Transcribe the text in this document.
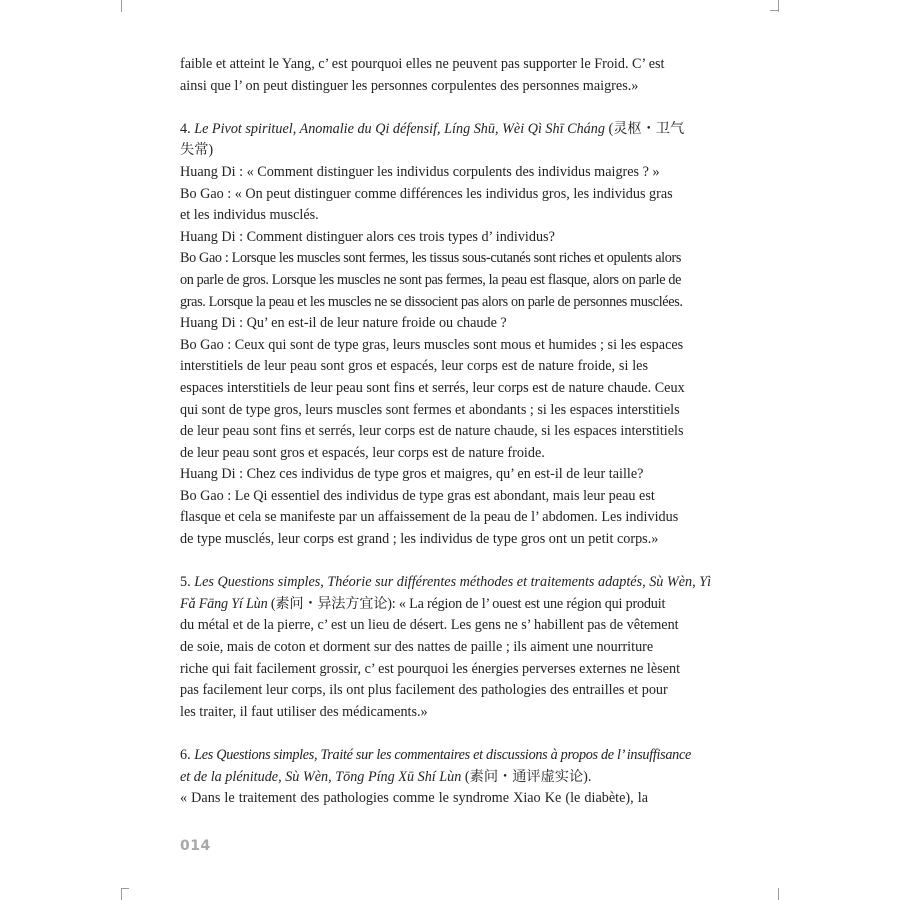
faible et atteint le Yang, c’ est pourquoi elles ne peuvent pas supporter le Froid. C’ est
ainsi que l’ on peut distinguer les personnes corpulentes des personnes maigres.»

4. Le Pivot spirituel, Anomalie du Qi défensif, Líng Shū, Wèi Qì Shī Cháng (灵枢・卫气
失常)
Huang Di : « Comment distinguer les individus corpulents des individus maigres ? »
Bo Gao : « On peut distinguer comme différences les individus gros, les individus gras
et les individus musclés.
Huang Di : Comment distinguer alors ces trois types d’ individus?
Bo Gao : Lorsque les muscles sont fermes, les tissus sous-cutanés sont riches et opulents alors
on parle de gros. Lorsque les muscles ne sont pas fermes, la peau est flasque, alors on parle de
gras. Lorsque la peau et les muscles ne se dissocient pas alors on parle de personnes musclées.
Huang Di : Qu’ en est-il de leur nature froide ou chaude ?
Bo Gao : Ceux qui sont de type gras, leurs muscles sont mous et humides ; si les espaces
interstitiels de leur peau sont gros et espacés, leur corps est de nature froide, si les
espaces interstitiels de leur peau sont fins et serrés, leur corps est de nature chaude. Ceux
qui sont de type gros, leurs muscles sont fermes et abondants ; si les espaces interstitiels
de leur peau sont fins et serrés, leur corps est de nature chaude, si les espaces interstitiels
de leur peau sont gros et espacés, leur corps est de nature froide.
Huang Di : Chez ces individus de type gros et maigres, qu’ en est-il de leur taille?
Bo Gao : Le Qi essentiel des individus de type gras est abondant, mais leur peau est
flasque et cela se manifeste par un affaissement de la peau de l’ abdomen. Les individus
de type musclés, leur corps est grand ; les individus de type gros ont un petit corps.»

5. Les Questions simples, Théorie sur différentes méthodes et traitements adaptés, Sù Wèn, Yì
Fǎ Fāng Yí Lùn (素问・异法方宜论): « La région de l’ ouest est une région qui produit
du métal et de la pierre, c’ est un lieu de désert. Les gens ne s’ habillent pas de vêtement
de soie, mais de coton et dorment sur des nattes de paille ; ils aiment une nourriture
riche qui fait facilement grossir, c’ est pourquoi les énergies perverses externes ne lèsent
pas facilement leur corps, ils ont plus facilement des pathologies des entrailles et pour
les traiter, il faut utiliser des médicaments.»

6. Les Questions simples, Traité sur les commentaires et discussions à propos de l’ insuffisance
et de la plénitude, Sù Wèn, Tōng Píng Xū Shí Lùn (素问・通评虚实论).
« Dans le traitement des pathologies comme le syndrome Xiao Ke (le diabète), la

014
